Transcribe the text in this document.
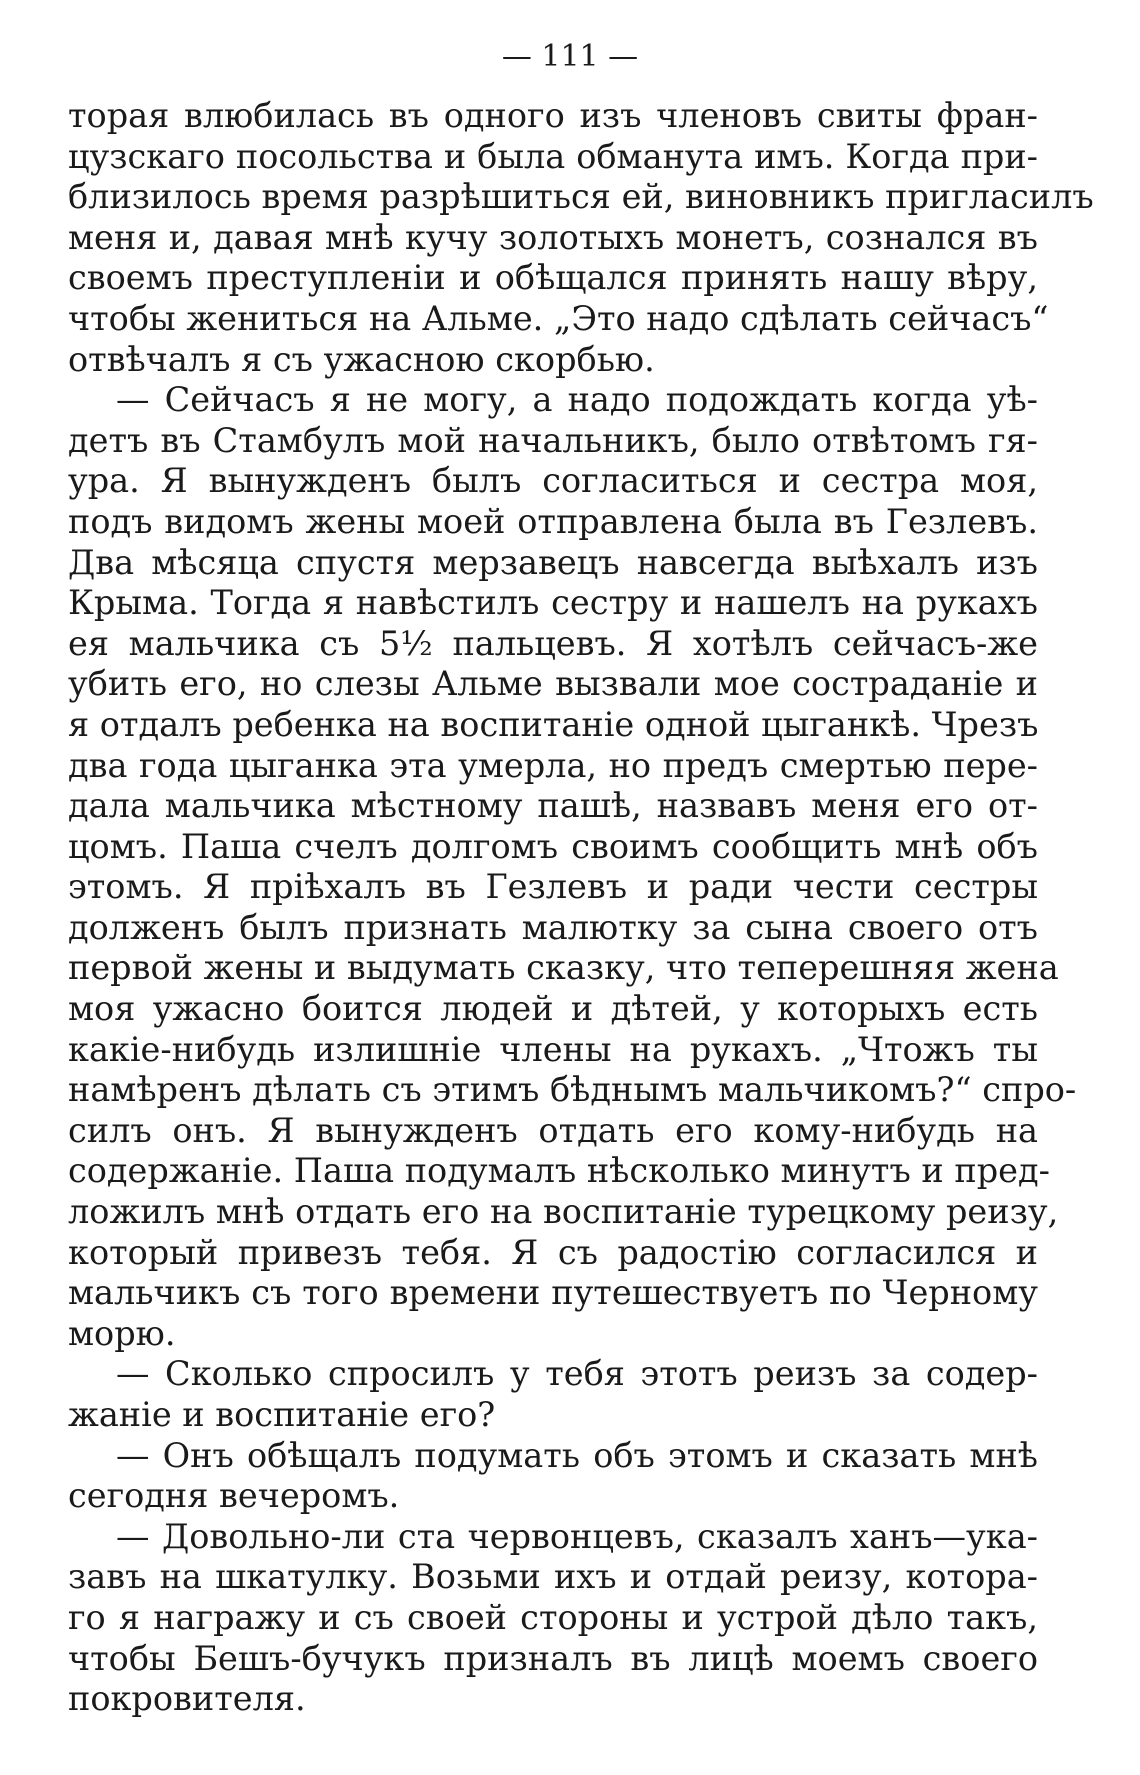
— 111 —
торая влюбилась въ одного изъ членовъ свиты фран-
цузскаго посольства и была обманута имъ. Когда при-
близилось время разрѣшиться ей, виновникъ пригласилъ
меня и, давая мнѣ кучу золотыхъ монетъ, сознался въ
своемъ преступленіи и обѣщался принять нашу вѣру,
чтобы жениться на Альме. „Это надо сдѣлать сейчасъ“
отвѣчалъ я съ ужасною скорбью.
— Сейчасъ я не могу, а надо подождать когда уѣ-
детъ въ Стамбулъ мой начальникъ, было отвѣтомъ гя-
ура. Я вынужденъ былъ согласиться и сестра моя,
подъ видомъ жены моей отправлена была въ Гезлевъ.
Два мѣсяца спустя мерзавецъ навсегда выѣхалъ изъ
Крыма. Тогда я навѣстилъ сестру и нашелъ на рукахъ
ея мальчика съ 5½ пальцевъ. Я хотѣлъ сейчасъ-же
убить его, но слезы Альме вызвали мое состраданіе и
я отдалъ ребенка на воспитаніе одной цыганкѣ. Чрезъ
два года цыганка эта умерла, но предъ смертью пере-
дала мальчика мѣстному пашѣ, назвавъ меня его от-
цомъ. Паша счелъ долгомъ своимъ сообщить мнѣ объ
этомъ. Я пріѣхалъ въ Гезлевъ и ради чести сестры
долженъ былъ признать малютку за сына своего отъ
первой жены и выдумать сказку, что теперешняя жена
моя ужасно боится людей и дѣтей, у которыхъ есть
какіе-нибудь излишніе члены на рукахъ. „Чтожъ ты
намѣренъ дѣлать съ этимъ бѣднымъ мальчикомъ?“ спро-
силъ онъ. Я вынужденъ отдать его кому-нибудь на
содержаніе. Паша подумалъ нѣсколько минутъ и пред-
ложилъ мнѣ отдать его на воспитаніе турецкому реизу,
который привезъ тебя. Я съ радостію согласился и
мальчикъ съ того времени путешествуетъ по Черному
морю.
— Сколько спросилъ у тебя этотъ реизъ за содер-
жаніе и воспитаніе его?
— Онъ обѣщалъ подумать объ этомъ и сказать мнѣ
сегодня вечеромъ.
— Довольно-ли ста червонцевъ, сказалъ ханъ—ука-
завъ на шкатулку. Возьми ихъ и отдай реизу, котора-
го я награжу и съ своей стороны и устрой дѣло такъ,
чтобы Бешъ-бучукъ призналъ въ лицѣ моемъ своего
покровителя.
